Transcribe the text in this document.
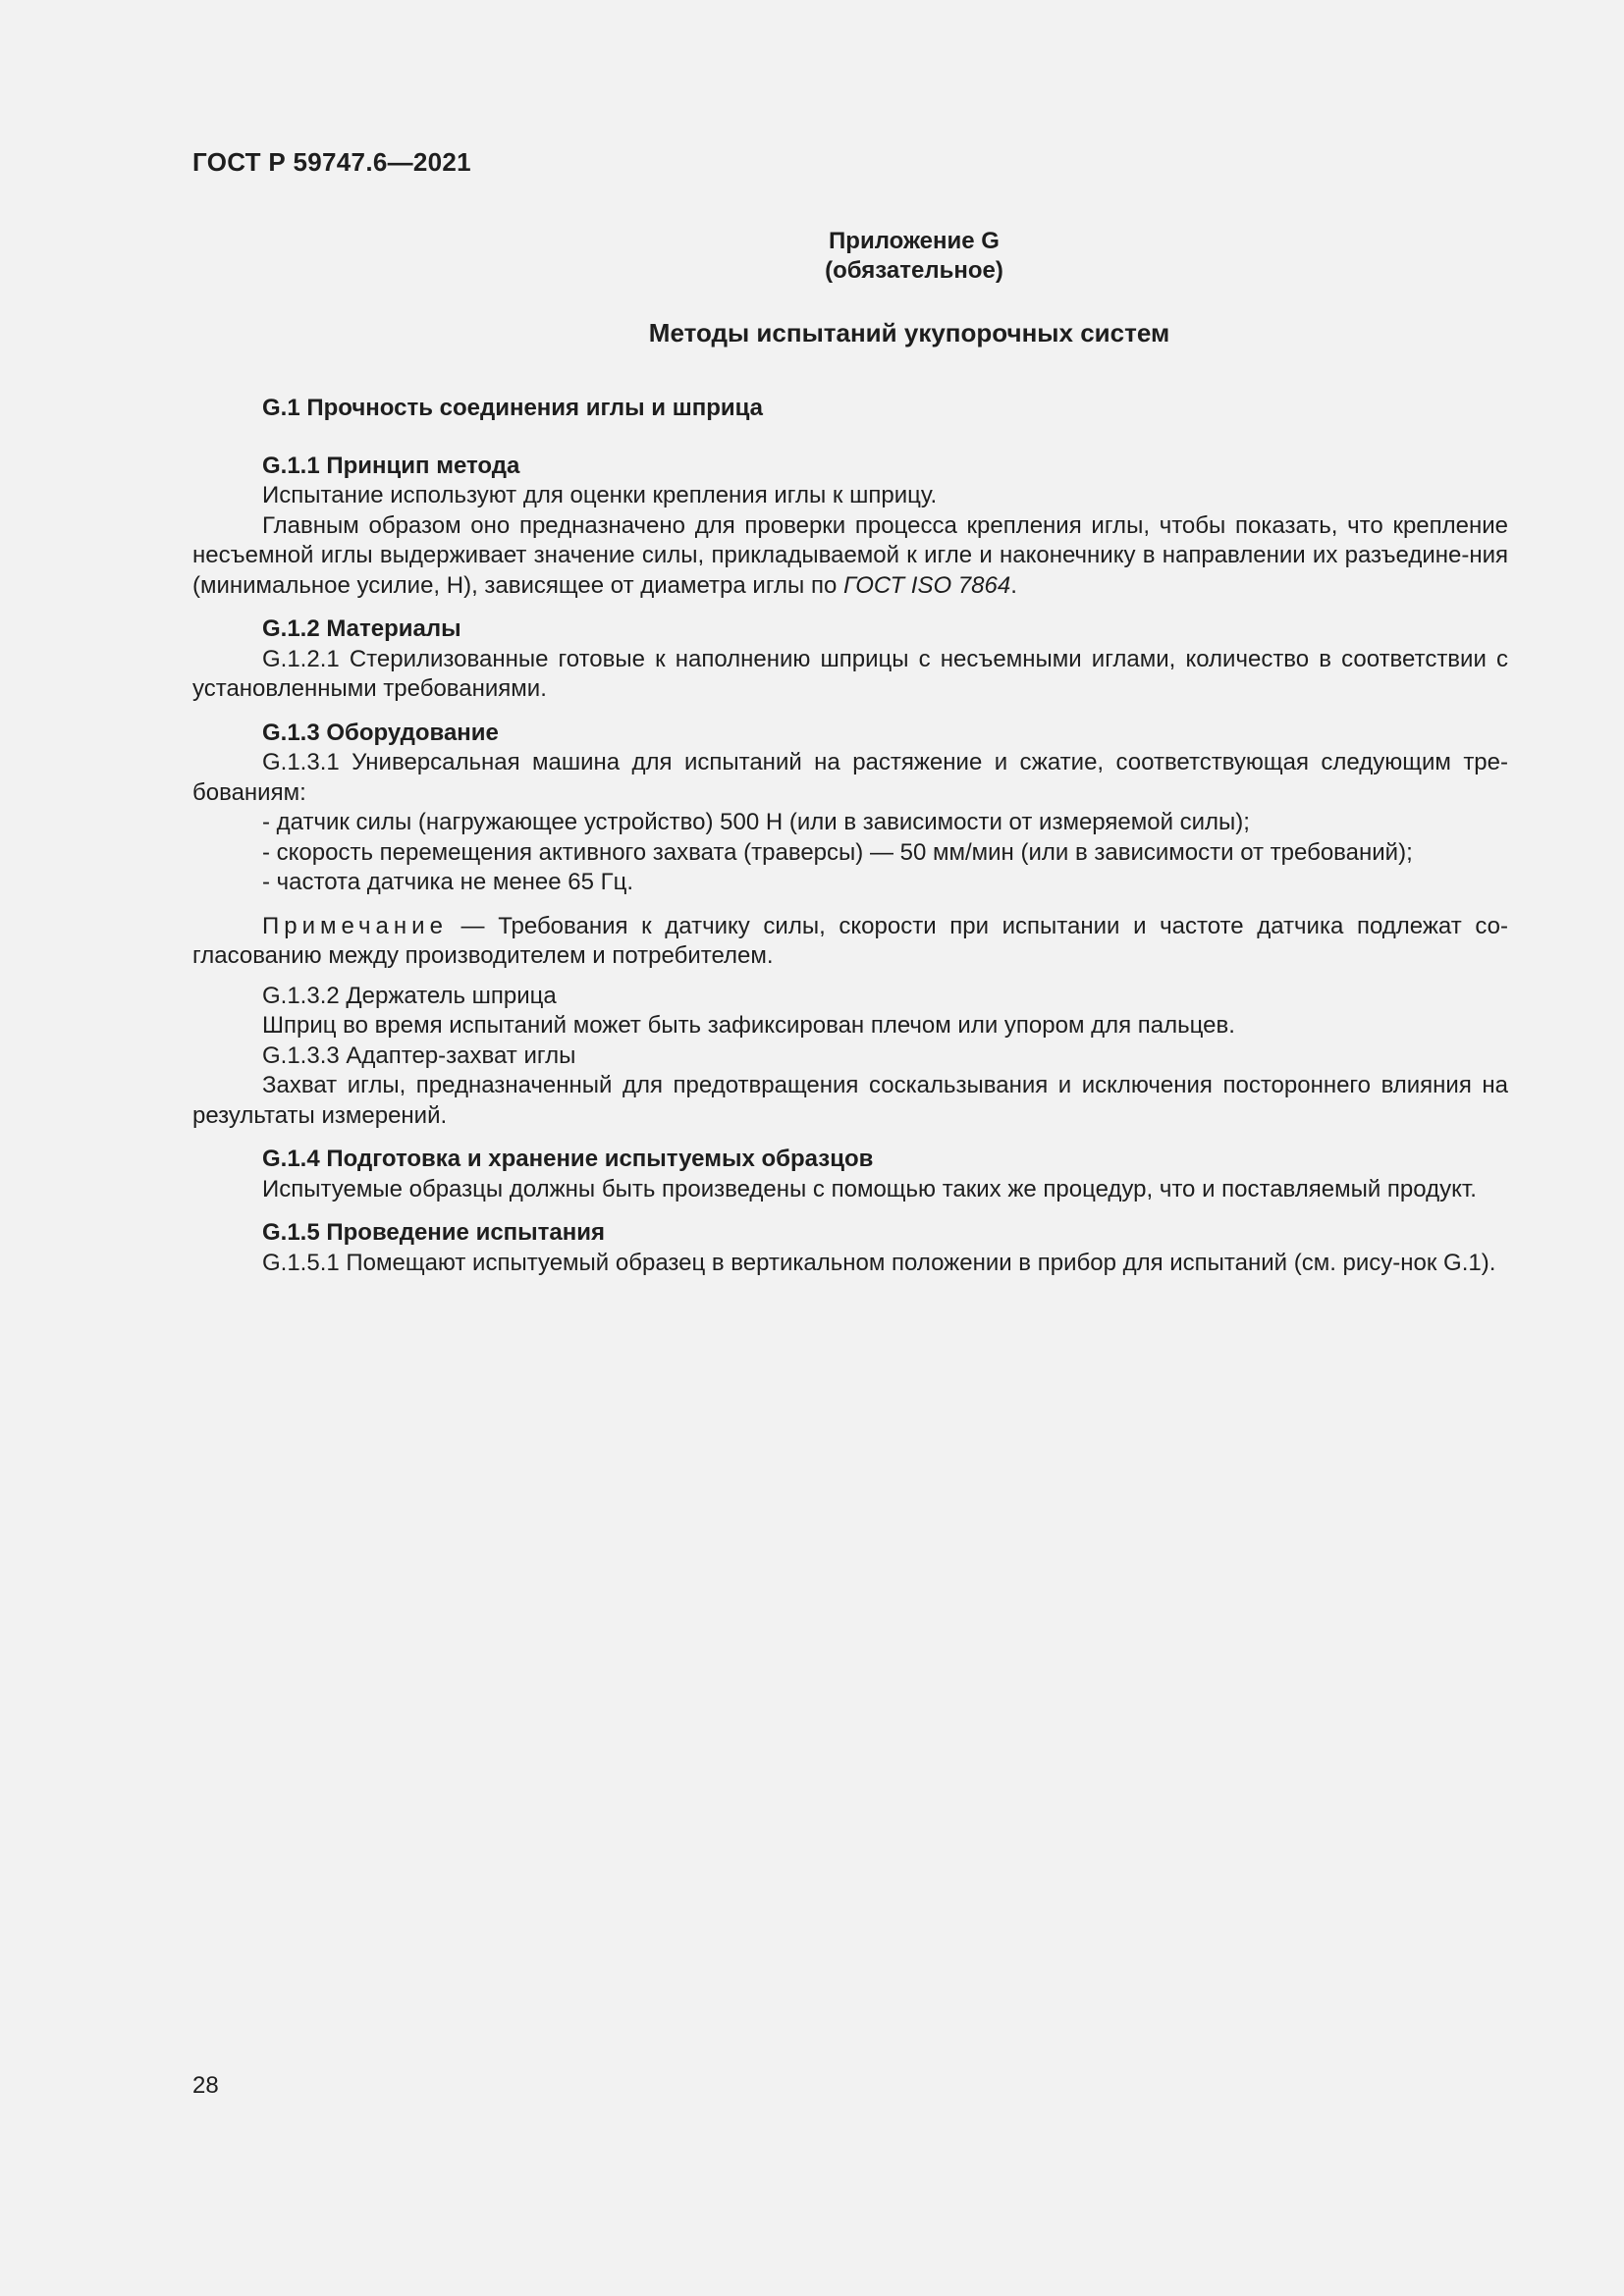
ГОСТ Р 59747.6—2021
Приложение G
(обязательное)
Методы испытаний укупорочных систем

G.1 Прочность соединения иглы и шприца

G.1.1 Принцип метода

Испытание используют для оценки крепления иглы к шприцу.

Главным образом оно предназначено для проверки процесса крепления иглы, чтобы показать, что крепление несъемной иглы выдерживает значение силы, прикладываемой к игле и наконечнику в направлении их разъедине-ния (минимальное усилие, Н), зависящее от диаметра иглы по ГОСТ ISO 7864.

G.1.2 Материалы

G.1.2.1 Стерилизованные готовые к наполнению шприцы с несъемными иглами, количество в соответствии с установленными требованиями.

G.1.3 Оборудование

G.1.3.1 Универсальная машина для испытаний на растяжение и сжатие, соответствующая следующим тре-бованиям:

- датчик силы (нагружающее устройство) 500 Н (или в зависимости от измеряемой силы);

- скорость перемещения активного захвата (траверсы) — 50 мм/мин (или в зависимости от требований);

- частота датчика не менее 65 Гц.

Примечание — Требования к датчику силы, скорости при испытании и частоте датчика подлежат со-гласованию между производителем и потребителем.

G.1.3.2 Держатель шприца

Шприц во время испытаний может быть зафиксирован плечом или упором для пальцев.

G.1.3.3 Адаптер-захват иглы

Захват иглы, предназначенный для предотвращения соскальзывания и исключения постороннего влияния на результаты измерений.

G.1.4 Подготовка и хранение испытуемых образцов

Испытуемые образцы должны быть произведены с помощью таких же процедур, что и поставляемый продукт.

G.1.5 Проведение испытания

G.1.5.1 Помещают испытуемый образец в вертикальном положении в прибор для испытаний (см. рису-нок G.1).

28
